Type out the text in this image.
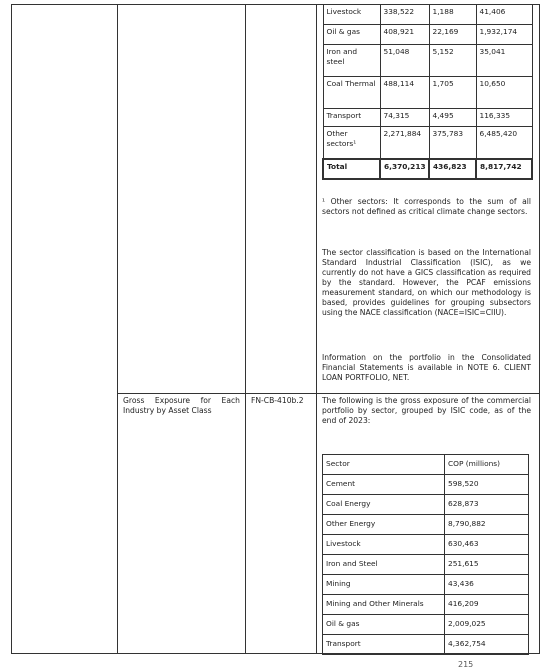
Livestock	338,522	1,188	41,406
Oil & gas	408,921	22,169	1,932,174
Iron and steel	51,048	5,152	35,041
Coal Thermal	488,114	1,705	10,650
Transport	74,315	4,495	116,335
Other sectors¹	2,271,884	375,783	6,485,420
Total	6,370,213	436,823	8,817,742
¹ Other sectors: It corresponds to the sum of all sectors not defined as critical climate change sectors.
The sector classification is based on the International Standard Industrial Classification (ISIC), as we currently do not have a GICS classification as required by the standard. However, the PCAF emissions measurement standard, on which our methodology is based, provides guidelines for grouping subsectors using the NACE classification (NACE=ISIC=CIIU).
Information on the portfolio in the Consolidated Financial Statements is available in NOTE 6. CLIENT LOAN PORTFOLIO, NET.
Gross Exposure for Each Industry by Asset Class
FN-CB-410b.2	The following is the gross exposure of the commercial portfolio by sector, grouped by ISIC code, as of the end of 2023:
Sector	COP (millions)
Cement	598,520
Coal Energy	628,873
Other Energy	8,790,882
Livestock	630,463
Iron and Steel	251,615
Mining	43,436
Mining and Other Minerals	416,209
Oil & gas	2,009,025
Transport	4,362,754
215
